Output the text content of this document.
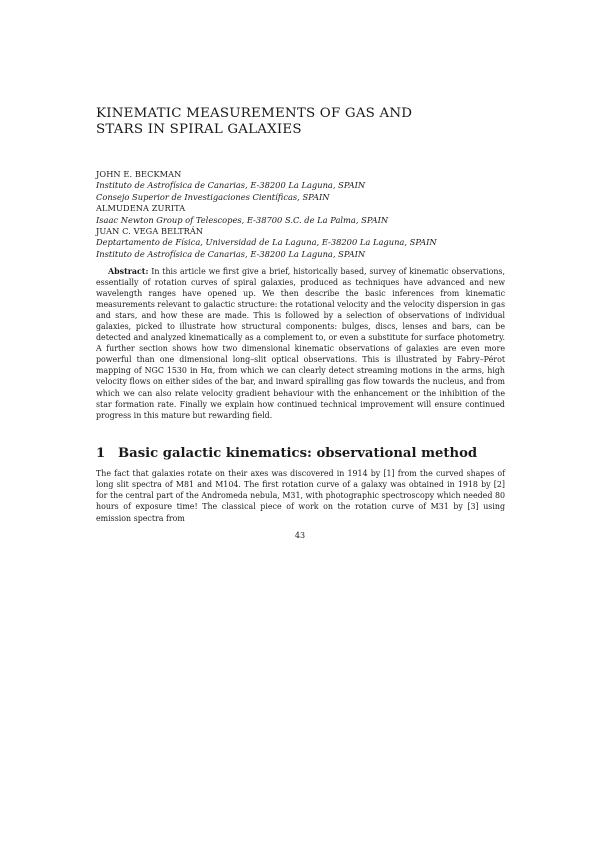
KINEMATIC MEASUREMENTS OF GAS AND
STARS IN SPIRAL GALAXIES
JOHN E. BECKMAN
Instituto de Astrofísica de Canarias, E-38200 La Laguna, SPAIN
Consejo Superior de Investigaciones Científicas, SPAIN
ALMUDENA ZURITA
Isaac Newton Group of Telescopes, E-38700 S.C. de La Palma, SPAIN
JUAN C. VEGA BELTRÁN
Deptartamento de Física, Universidad de La Laguna, E-38200 La Laguna, SPAIN
Instituto de Astrofísica de Canarias, E-38200 La Laguna, SPAIN

Abstract: In this article we first give a brief, historically based, survey of kinematic observations, essentially of rotation curves of spiral galaxies, produced as techniques have advanced and new wavelength ranges have opened up. We then describe the basic inferences from kinematic measurements relevant to galactic structure: the rotational velocity and the velocity dispersion in gas and stars, and how these are made. This is followed by a selection of observations of individual galaxies, picked to illustrate how structural components: bulges, discs, lenses and bars, can be detected and analyzed kinematically as a complement to, or even a substitute for surface photometry. A further section shows how two dimensional kinematic observations of galaxies are even more powerful than one dimensional long–slit optical observations. This is illustrated by Fabry–Pérot mapping of NGC 1530 in Hα, from which we can clearly detect streaming motions in the arms, high velocity flows on either sides of the bar, and inward spiralling gas flow towards the nucleus, and from which we can also relate velocity gradient behaviour with the enhancement or the inhibition of the star formation rate. Finally we explain how continued technical improvement will ensure continued progress in this mature but rewarding field.

1 Basic galactic kinematics: observational method

The fact that galaxies rotate on their axes was discovered in 1914 by [1] from the curved shapes of long slit spectra of M81 and M104. The first rotation curve of a galaxy was obtained in 1918 by [2] for the central part of the Andromeda nebula, M31, with photographic spectroscopy which needed 80 hours of exposure time! The classical piece of work on the rotation curve of M31 by [3] using emission spectra from

43
